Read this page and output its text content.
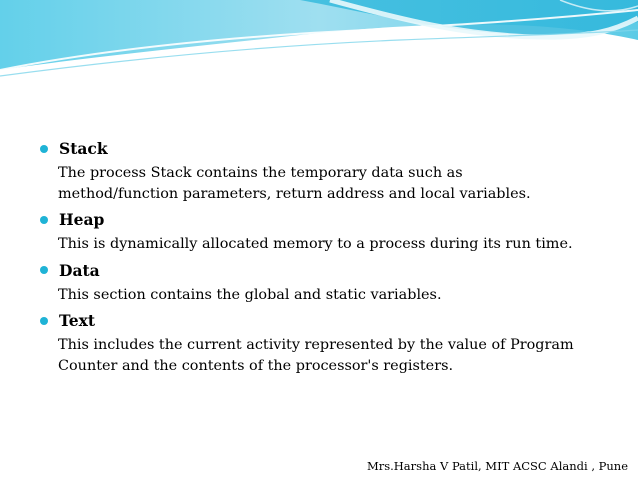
Stack
The process Stack contains the temporary data such as
method/function parameters, return address and local variables.
Heap
This is dynamically allocated memory to a process during its run time.
Data
This section contains the global and static variables.
Text
This includes the current activity represented by the value of Program
Counter and the contents of the processor's registers.
Mrs.Harsha V Patil, MIT ACSC Alandi , Pune
